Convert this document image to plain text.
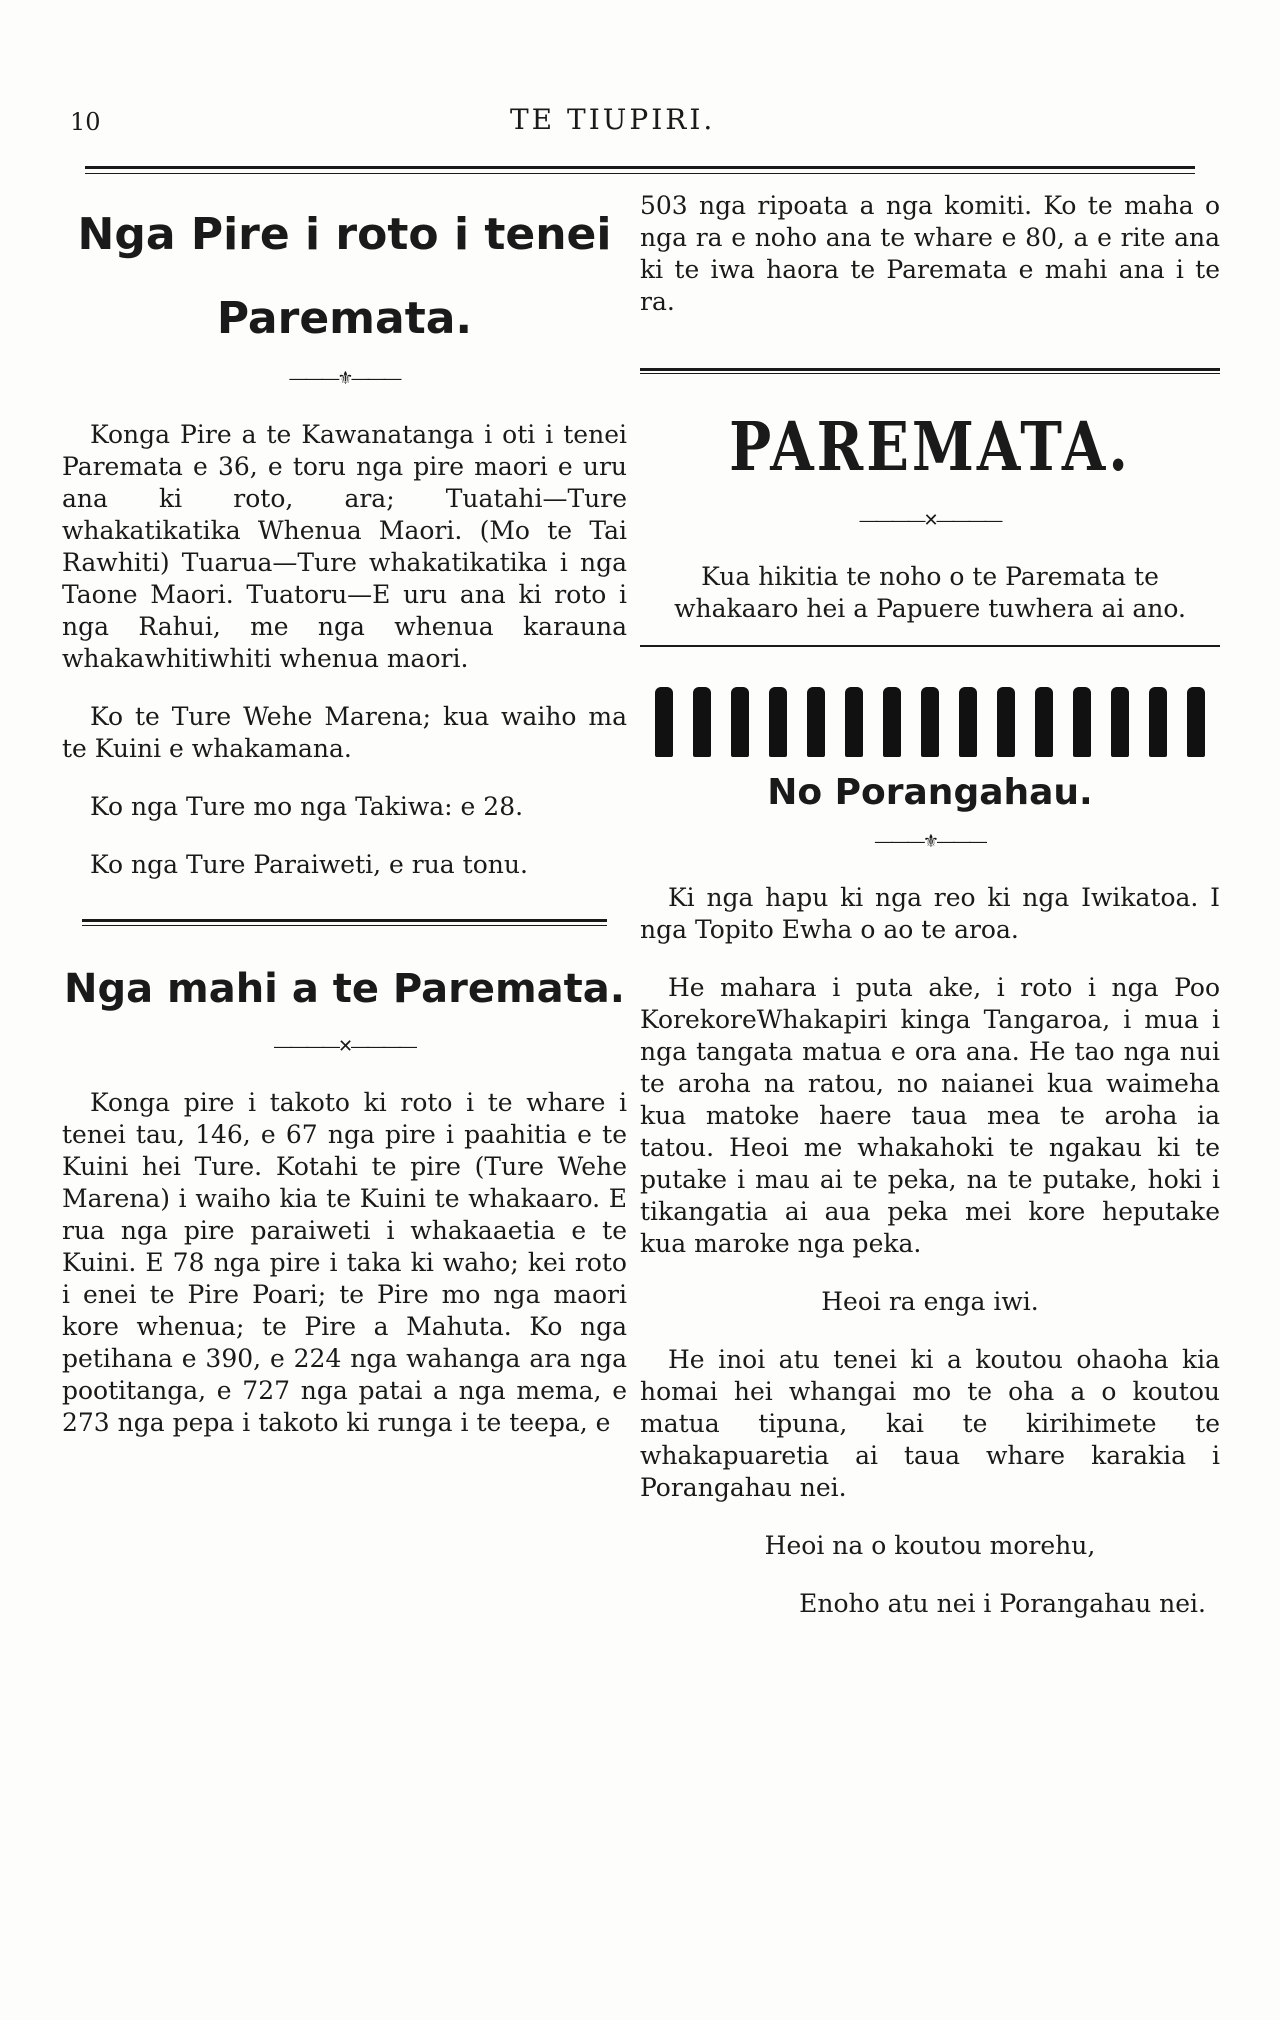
10	TE TIUPIRI.
Nga Pire i roto i tenei
Paremata.
―――⚜―――

Konga Pire a te Kawanatanga i oti i tenei Paremata e 36, e toru nga pire maori e uru ana ki roto, ara; Tuatahi—Ture whakatikatika Whenua Maori. (Mo te Tai Rawhiti) Tuarua—Ture whakatikatika i nga Taone Maori. Tuatoru—E uru ana ki roto i nga Rahui, me nga whenua karauna whakawhitiwhiti whenua maori.

Ko te Ture Wehe Marena; kua waiho ma te Kuini e whakamana.

Ko nga Ture mo nga Takiwa: e 28.

Ko nga Ture Paraiweti, e rua tonu.

Nga mahi a te Paremata.
――――✕――――

Konga pire i takoto ki roto i te whare i tenei tau, 146, e 67 nga pire i paahitia e te Kuini hei Ture. Kotahi te pire (Ture Wehe Marena) i waiho kia te Kuini te whakaaro. E rua nga pire paraiweti i whakaaetia e te Kuini. E 78 nga pire i taka ki waho; kei roto i enei te Pire Poari; te Pire mo nga maori kore whenua; te Pire a Mahuta. Ko nga petihana e 390, e 224 nga wahanga ara nga pootitanga, e 727 nga patai a nga mema, e 273 nga pepa i takoto ki runga i te teepa, e

503 nga ripoata a nga komiti. Ko te maha o nga ra e noho ana te whare e 80, a e rite ana ki te iwa haora te Paremata e mahi ana i te ra.

PAREMATA.
――――✕――――

Kua hikitia te noho o te Paremata te whakaaro hei a Papuere tuwhera ai ano.

No Porangahau.
―――⚜―――

Ki nga hapu ki nga reo ki nga Iwikatoa. I nga Topito Ewha o ao te aroa.

He mahara i puta ake, i roto i nga Poo KorekoreWhakapiri kinga Tangaroa, i mua i nga tangata matua e ora ana. He tao nga nui te aroha na ratou, no naianei kua waimeha kua matoke haere taua mea te aroha ia tatou. Heoi me whakahoki te ngakau ki te putake i mau ai te peka, na te putake, hoki i tikangatia ai aua peka mei kore heputake kua maroke nga peka.

Heoi ra enga iwi.

He inoi atu tenei ki a koutou ohaoha kia homai hei whangai mo te oha a o koutou matua tipuna, kai te kirihimete te whakapuaretia ai taua whare karakia i Porangahau nei.

Heoi na o koutou morehu,

Enoho atu nei i Porangahau nei.
